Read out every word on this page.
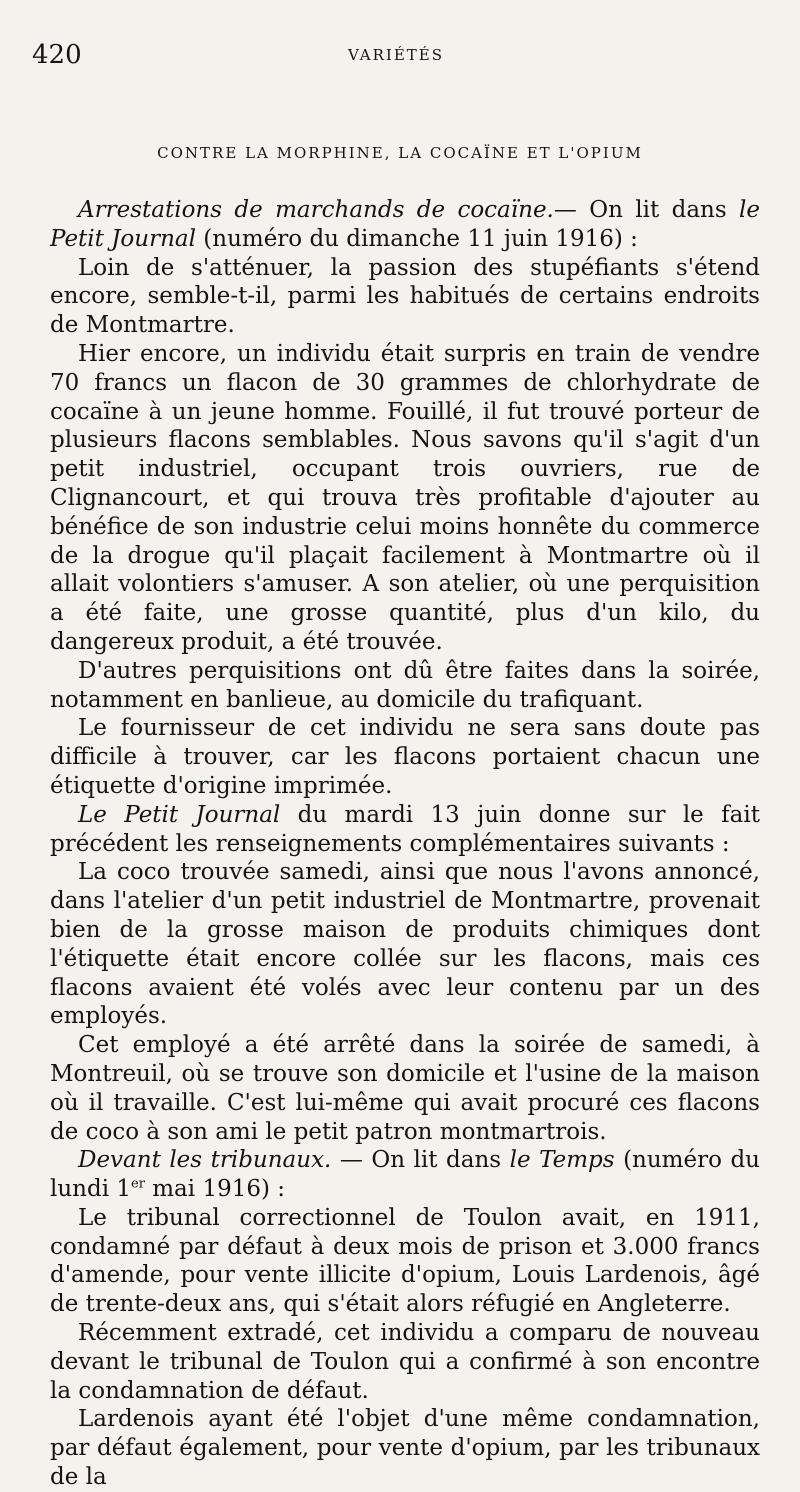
420	VARIÉTÉS
CONTRE LA MORPHINE, LA COCAÏNE ET L'OPIUM

Arrestations de marchands de cocaïne.— On lit dans le Petit Journal (numéro du dimanche 11 juin 1916) :

Loin de s'atténuer, la passion des stupéfiants s'étend encore, semble-t-il, parmi les habitués de certains endroits de Montmartre.

Hier encore, un individu était surpris en train de vendre 70 francs un flacon de 30 grammes de chlorhydrate de cocaïne à un jeune homme. Fouillé, il fut trouvé porteur de plusieurs flacons semblables. Nous savons qu'il s'agit d'un petit industriel, occupant trois ouvriers, rue de Clignancourt, et qui trouva très profitable d'ajouter au bénéfice de son industrie celui moins honnête du commerce de la drogue qu'il plaçait facilement à Montmartre où il allait volontiers s'amuser. A son atelier, où une perquisition a été faite, une grosse quantité, plus d'un kilo, du dangereux produit, a été trouvée.

D'autres perquisitions ont dû être faites dans la soirée, notamment en banlieue, au domicile du trafiquant.

Le fournisseur de cet individu ne sera sans doute pas difficile à trouver, car les flacons portaient chacun une étiquette d'origine imprimée.

Le Petit Journal du mardi 13 juin donne sur le fait précédent les renseignements complémentaires suivants :

La coco trouvée samedi, ainsi que nous l'avons annoncé, dans l'atelier d'un petit industriel de Montmartre, provenait bien de la grosse maison de produits chimiques dont l'étiquette était encore collée sur les flacons, mais ces flacons avaient été volés avec leur contenu par un des employés.

Cet employé a été arrêté dans la soirée de samedi, à Montreuil, où se trouve son domicile et l'usine de la maison où il travaille. C'est lui-même qui avait procuré ces flacons de coco à son ami le petit patron montmartrois.

Devant les tribunaux. — On lit dans le Temps (numéro du lundi 1er mai 1916) :

Le tribunal correctionnel de Toulon avait, en 1911, condamné par défaut à deux mois de prison et 3.000 francs d'amende, pour vente illicite d'opium, Louis Lardenois, âgé de trente-deux ans, qui s'était alors réfugié en Angleterre.

Récemment extradé, cet individu a comparu de nouveau devant le tribunal de Toulon qui a confirmé à son encontre la condamnation de défaut.

Lardenois ayant été l'objet d'une même condamnation, par défaut également, pour vente d'opium, par les tribunaux de la
